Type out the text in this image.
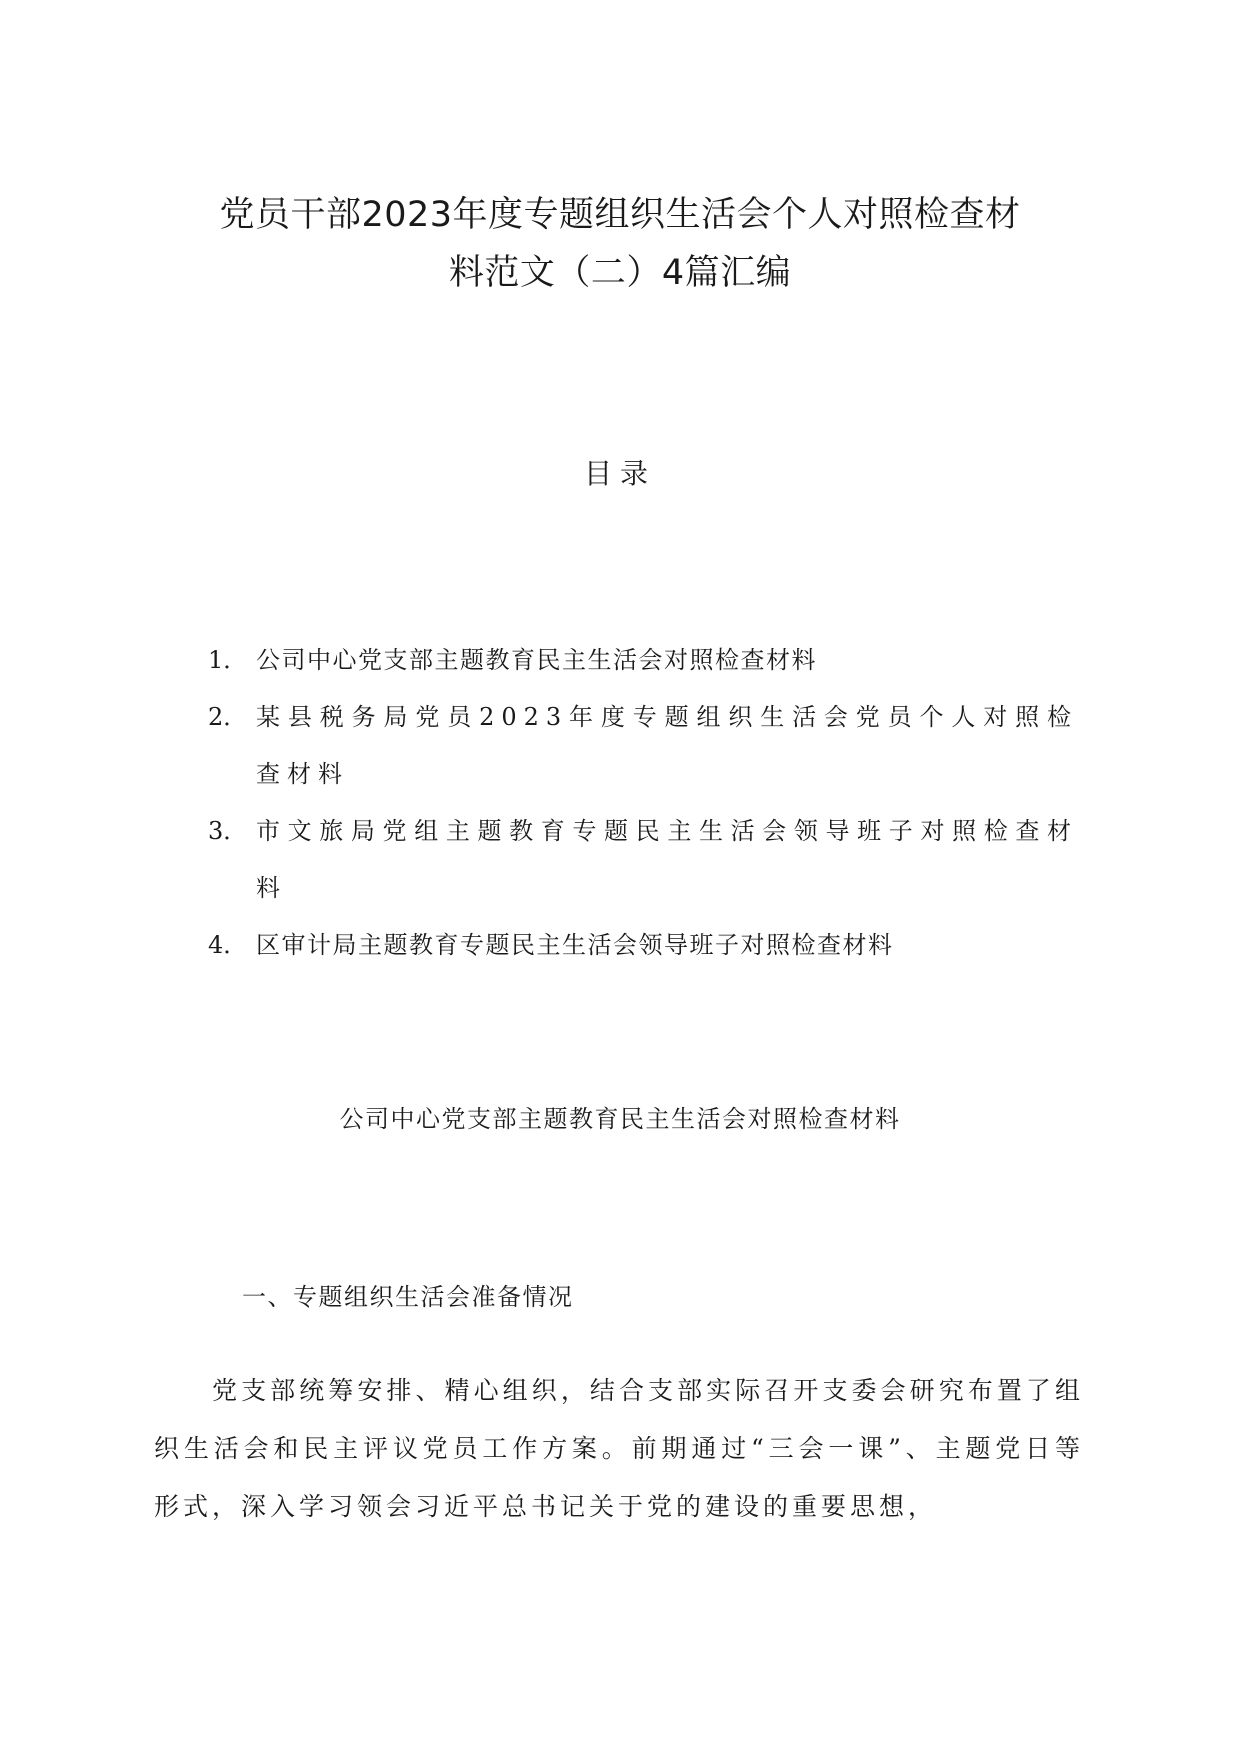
党员干部2023年度专题组织生活会个人对照检查材
料范文（二）4篇汇编
目录
1． 公司中心党支部主题教育民主生活会对照检查材料
2． 某县税务局党员2023年度专题组织生活会党员个人对照检查材料
3． 市文旅局党组主题教育专题民主生活会领导班子对照检查材料
4． 区审计局主题教育专题民主生活会领导班子对照检查材料
公司中心党支部主题教育民主生活会对照检查材料
一、专题组织生活会准备情况
党支部统筹安排、精心组织，结合支部实际召开支委会研究布置了组织生活会和民主评议党员工作方案。前期通过“三会一课”、主题党日等形式，深入学习领会习近平总书记关于党的建设的重要思想，
